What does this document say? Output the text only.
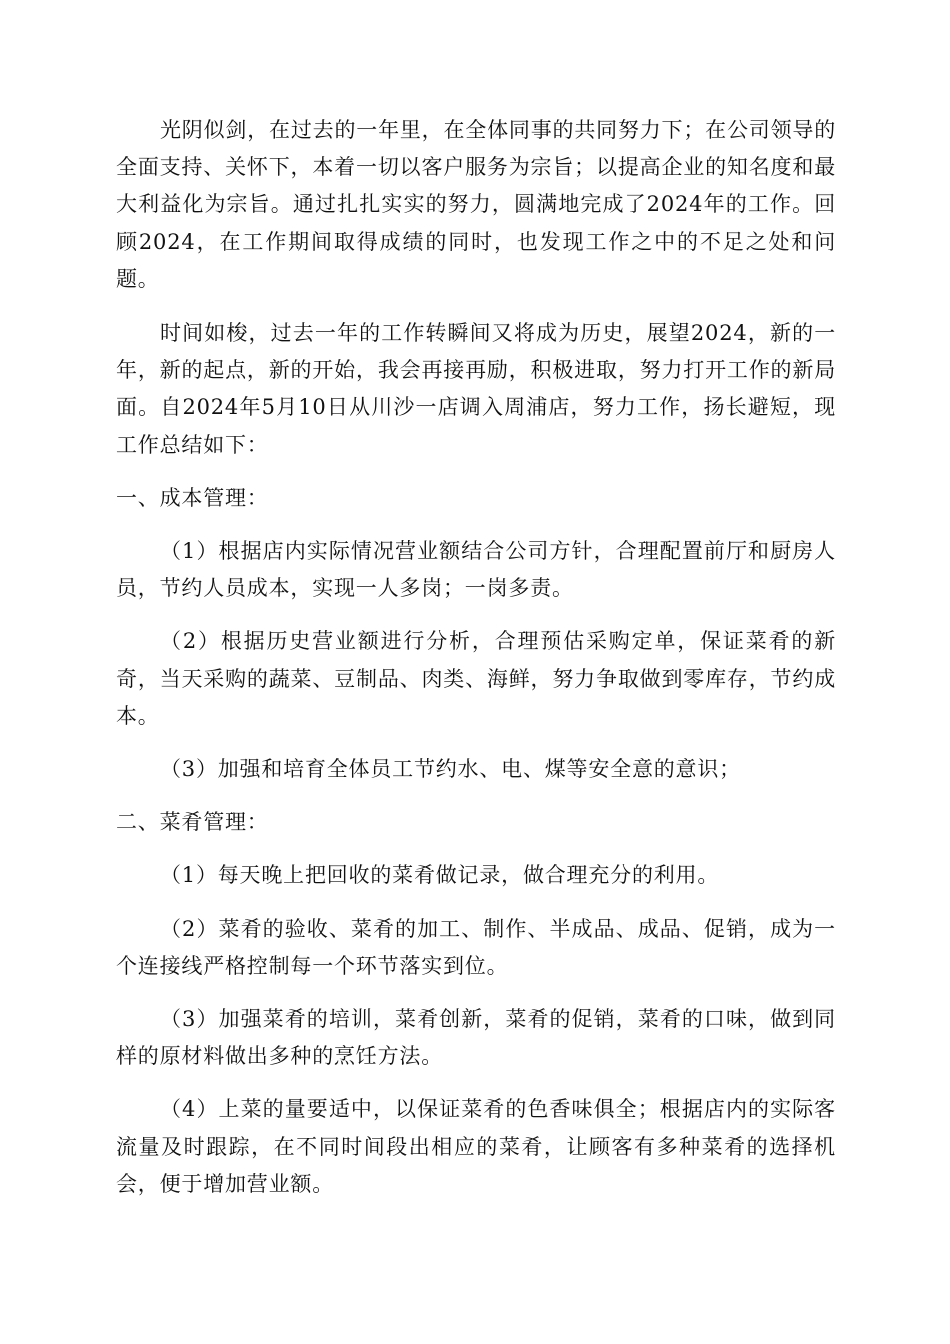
光阴似剑，在过去的一年里，在全体同事的共同努力下；在公司领导的全面支持、关怀下，本着一切以客户服务为宗旨；以提高企业的知名度和最大利益化为宗旨。通过扎扎实实的努力，圆满地完成了2024年的工作。回顾2024，在工作期间取得成绩的同时，也发现工作之中的不足之处和问题。

时间如梭，过去一年的工作转瞬间又将成为历史，展望2024，新的一年，新的起点，新的开始，我会再接再励，积极进取，努力打开工作的新局面。自2024年5月10日从川沙一店调入周浦店，努力工作，扬长避短，现工作总结如下：

一、成本管理：

（1）根据店内实际情况营业额结合公司方针，合理配置前厅和厨房人员，节约人员成本，实现一人多岗；一岗多责。

（2）根据历史营业额进行分析，合理预估采购定单，保证菜肴的新奇，当天采购的蔬菜、豆制品、肉类、海鲜，努力争取做到零库存，节约成本。

（3）加强和培育全体员工节约水、电、煤等安全意的意识；

二、菜肴管理：

（1）每天晚上把回收的菜肴做记录，做合理充分的利用。

（2）菜肴的验收、菜肴的加工、制作、半成品、成品、促销，成为一个连接线严格控制每一个环节落实到位。

（3）加强菜肴的培训，菜肴创新，菜肴的促销，菜肴的口味，做到同样的原材料做出多种的烹饪方法。

（4）上菜的量要适中，以保证菜肴的色香味俱全；根据店内的实际客流量及时跟踪，在不同时间段出相应的菜肴，让顾客有多种菜肴的选择机会，便于增加营业额。
